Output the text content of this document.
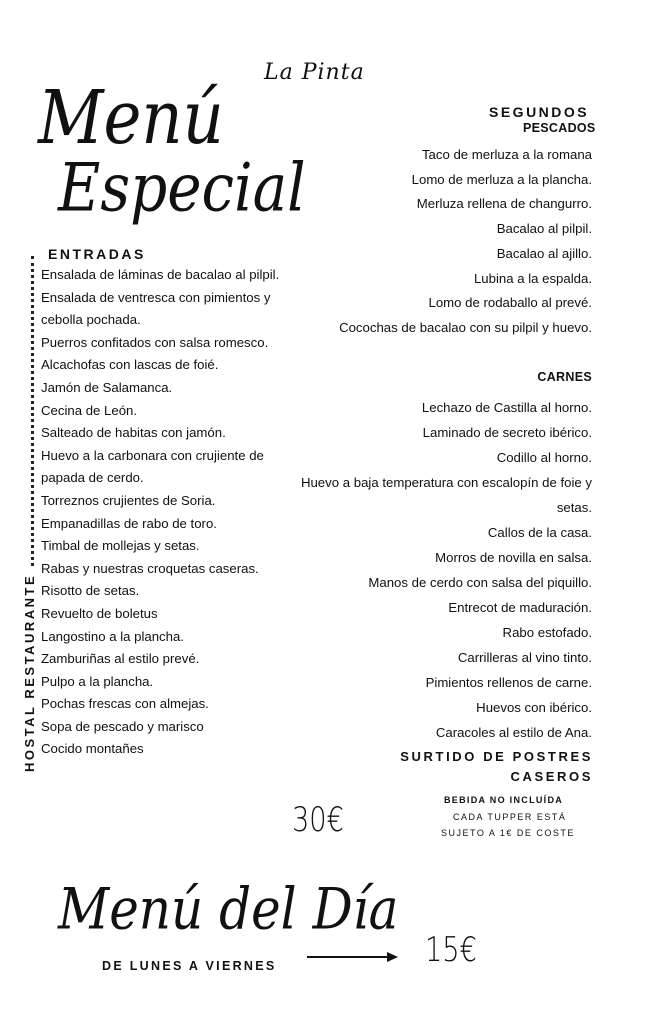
La Pinta
Menú
Especial
HOSTAL RESTAURANTE
ENTRADAS
Ensalada de láminas de bacalao al pilpil.
Ensalada de ventresca con pimientos y
cebolla pochada.
Puerros confitados con salsa romesco.
Alcachofas con lascas de foié.
Jamón de Salamanca.
Cecina de León.
Salteado de habitas con jamón.
Huevo a la carbonara con crujiente de
papada de cerdo.
Torreznos crujientes de Soria.
Empanadillas de rabo de toro.
Timbal de mollejas y setas.
Rabas y nuestras croquetas caseras.
Risotto de setas.
Revuelto de boletus
Langostino a la plancha.
Zamburiñas al estilo prevé.
Pulpo a la plancha.
Pochas frescas con almejas.
Sopa de pescado y marisco
Cocido montañes
SEGUNDOS
PESCADOS
Taco de merluza a la romana
Lomo de merluza a la plancha.
Merluza rellena de changurro.
Bacalao al pilpil.
Bacalao al ajillo.
Lubina a la espalda.
Lomo de rodaballo al prevé.
Cocochas de bacalao con su pilpil y huevo.
CARNES
Lechazo de Castilla al horno.
Laminado de secreto ibérico.
Codillo al horno.
Huevo a baja temperatura con escalopín de foie y
setas.
Callos de la casa.
Morros de novilla en salsa.
Manos de cerdo con salsa del piquillo.
Entrecot de maduración.
Rabo estofado.
Carrilleras al vino tinto.
Pimientos rellenos de carne.
Huevos con ibérico.
Caracoles al estilo de Ana.
SURTIDO DE POSTRES
CASEROS
BEBIDA NO INCLUÍDA
CADA TUPPER ESTÁ
SUJETO A 1€ DE COSTE
30€
Menú del Día
DE LUNES A VIERNES	15€
